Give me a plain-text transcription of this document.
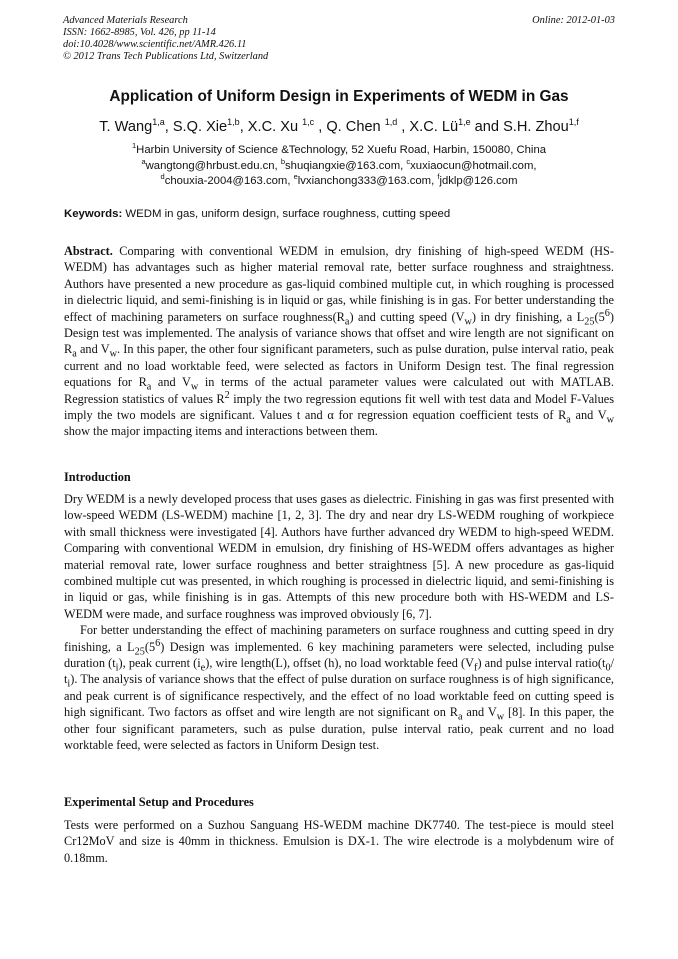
Advanced Materials Research
ISSN: 1662-8985, Vol. 426, pp 11-14
doi:10.4028/www.scientific.net/AMR.426.11
© 2012 Trans Tech Publications Ltd, Switzerland
Online: 2012-01-03
Application of Uniform Design in Experiments of WEDM in Gas
T. Wang$^{1,a}$, S.Q. Xie$^{1,b}$, X.C. Xu $^{1,c}$ , Q. Chen $^{1,d}$ , X.C. Lü$^{1,e}$ and S.H. Zhou$^{1,f}$
$^1$Harbin University of Science &Technology, 52 Xuefu Road, Harbin, 150080, China
$^a$wangtong@hrbust.edu.cn, $^b$shuqiangxie@163.com, $^c$xuxiaocun@hotmail.com,
$^d$chouxia-2004@163.com, $^e$lvxianchong333@163.com, $^f$jdklp@126.com
Keywords: WEDM in gas, uniform design, surface roughness, cutting speed

Abstract. Comparing with conventional WEDM in emulsion, dry finishing of high-speed WEDM (HS-WEDM) has advantages such as higher material removal rate, better surface roughness and straightness. Authors have presented a new procedure as gas-liquid combined multiple cut, in which roughing is processed in dielectric liquid, and semi-finishing is in liquid or gas, while finishing is in gas. For better understanding the effect of machining parameters on surface $roughness(R_a)$ and cutting speed $(V_w)$ in dry finishing, a $L_{25}(5^6)$ Design test was implemented. The analysis of variance shows that offset and wire length are not significant on $R_a$ and $V_w$. In this paper, the other four significant parameters, such as pulse duration, pulse interval ratio, peak current and no load worktable feed, were selected as factors in Uniform Design test. The final regression equations for $R_a$ and $V_w$ in terms of the actual parameter values were calculated out with MATLAB. Regression statistics of values $R^2$ imply the two regression equtions fit well with test data and Model F-Values imply the two models are significant. Values t and α for regression equation coefficient tests of $R_a$ and $V_w$ show the major impacting items and interactions between them.

Introduction

Dry WEDM is a newly developed process that uses gases as dielectric. Finishing in gas was first presented with low-speed WEDM (LS-WEDM) machine [1, 2, 3]. The dry and near dry LS-WEDM roughing of workpiece with small thickness were investigated [4]. Authors have further advanced dry WEDM to high-speed WEDM. Comparing with conventional WEDM in emulsion, dry finishing of HS-WEDM offers advantages as higher material removal rate, lower surface roughness and better straightness [5]. A new procedure as gas-liquid combined multiple cut was presented, in which roughing is processed in dielectric liquid, and semi-finishing is in liquid or gas, while finishing is in gas. Attempts of this new procedure both with HS-WEDM and LS-WEDM were made, and surface roughness was improved obviously [6, 7].

For better understanding the effect of machining parameters on surface roughness and cutting speed in dry finishing, a $L_{25}(5^6)$ Design was implemented. 6 key machining parameters were selected, including pulse duration $(t_i)$, peak current $(i_e)$, wire length(L), offset (h), no load worktable feed $(V_f)$ and pulse interval $ratio(t_0/$ $t_i$). The analysis of variance shows that the effect of pulse duration on surface roughness is of high significance, and peak current is of significance respectively, and the effect of no load worktable feed on cutting speed is high significant. Two factors as offset and wire length are not significant on $R_a$ and $V_w$ [8]. In this paper, the other four significant parameters, such as pulse duration, pulse interval ratio, peak current and no load worktable feed, were selected as factors in Uniform Design test.

Experimental Setup and Procedures
Tests were performed on a Suzhou Sanguang HS-WEDM machine DK7740. The test-piece is mould steel Cr12MoV and size is 40mm in thickness. Emulsion is DX-1. The wire electrode is a molybdenum wire of 0.18mm.
